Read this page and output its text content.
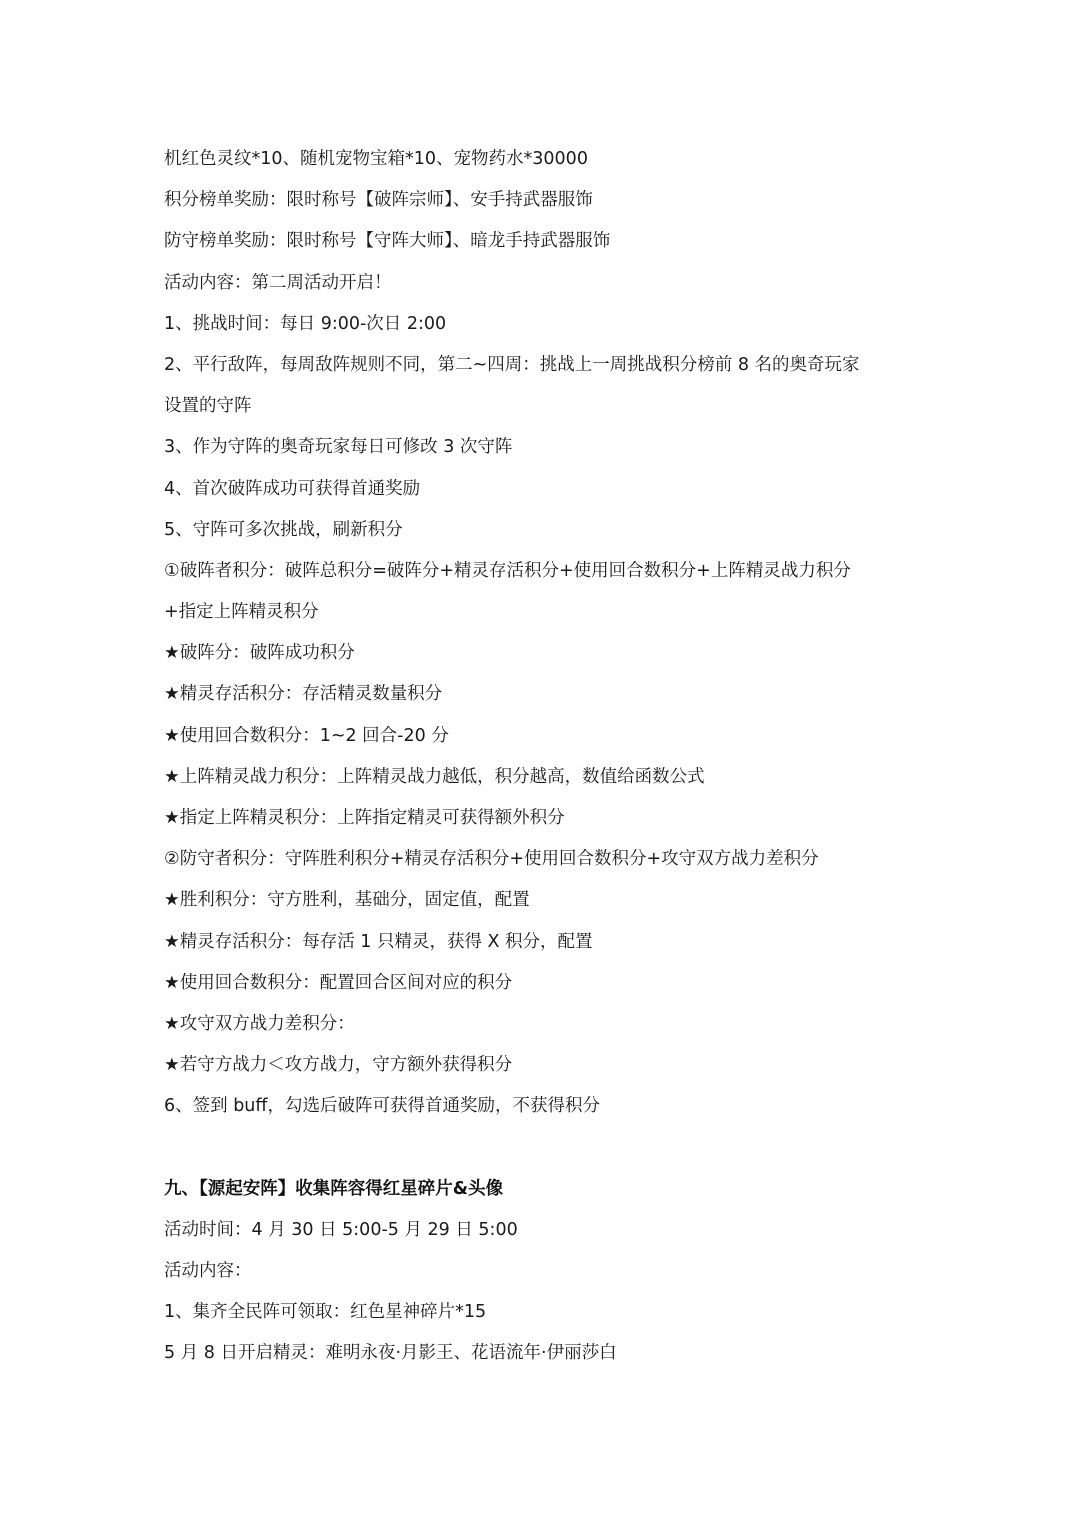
机红色灵纹*10、随机宠物宝箱*10、宠物药水*30000
积分榜单奖励：限时称号【破阵宗师】、安手持武器服饰
防守榜单奖励：限时称号【守阵大师】、暗龙手持武器服饰
活动内容：第二周活动开启！
1、挑战时间：每日 9:00-次日 2:00
2、平行敌阵，每周敌阵规则不同，第二~四周：挑战上一周挑战积分榜前 8 名的奥奇玩家
设置的守阵
3、作为守阵的奥奇玩家每日可修改 3 次守阵
4、首次破阵成功可获得首通奖励
5、守阵可多次挑战，刷新积分
①破阵者积分：破阵总积分=破阵分+精灵存活积分+使用回合数积分+上阵精灵战力积分
+指定上阵精灵积分
★破阵分：破阵成功积分
★精灵存活积分：存活精灵数量积分
★使用回合数积分：1~2 回合-20 分
★上阵精灵战力积分：上阵精灵战力越低，积分越高，数值给函数公式
★指定上阵精灵积分：上阵指定精灵可获得额外积分
②防守者积分：守阵胜利积分+精灵存活积分+使用回合数积分+攻守双方战力差积分
★胜利积分：守方胜利，基础分，固定值，配置
★精灵存活积分：每存活 1 只精灵，获得 X 积分，配置
★使用回合数积分：配置回合区间对应的积分
★攻守双方战力差积分：
★若守方战力＜攻方战力，守方额外获得积分
6、签到 buff，勾选后破阵可获得首通奖励，不获得积分
九、【源起安阵】收集阵容得红星碎片&头像
活动时间：4 月 30 日 5:00-5 月 29 日 5:00
活动内容：
1、集齐全民阵可领取：红色星神碎片*15
5 月 8 日开启精灵：难明永夜·月影王、花语流年·伊丽莎白
